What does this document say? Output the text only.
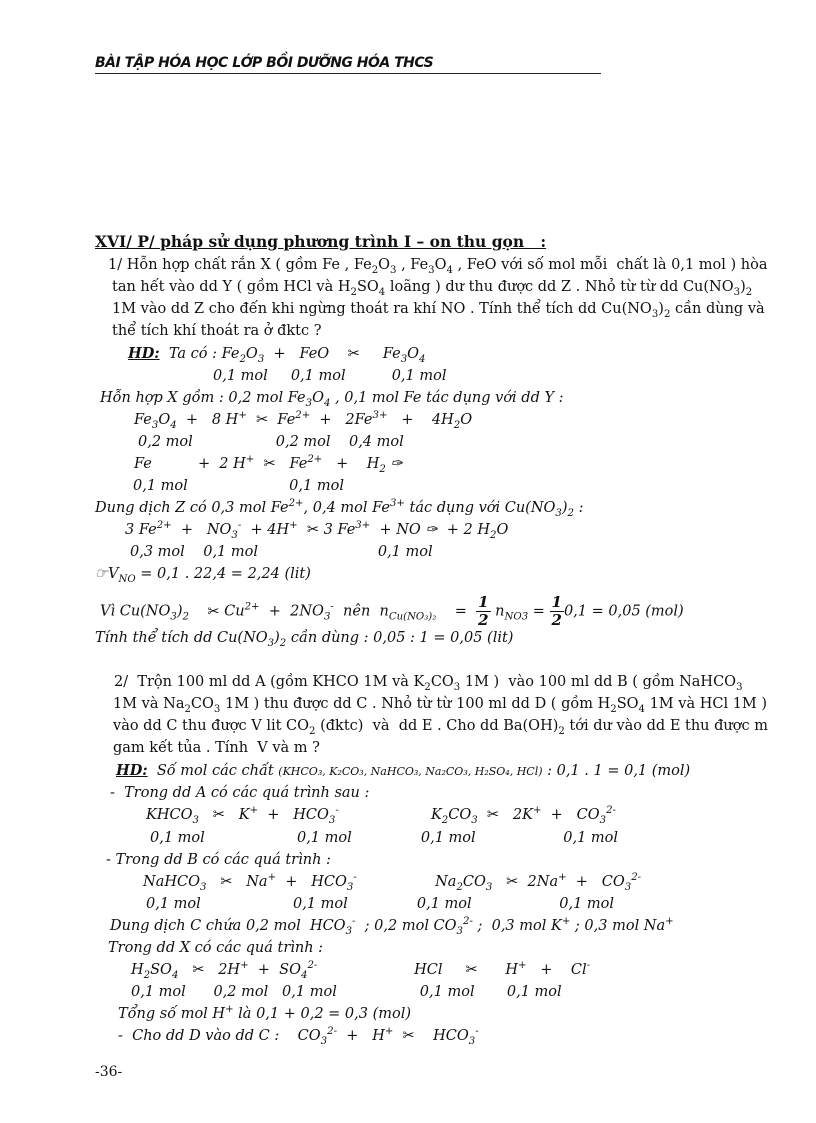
BÀI TẬP HÓA HỌC LỚP BỒI DƯỠNG HÓA THCS
XVI/ P/ pháp sử dụng phương trình I – on thu gọn   :
1/ Hỗn hợp chất rắn X ( gồm Fe , $Fe_2O_3$ , $Fe_3O_4$ , FeO với số mol mỗi  chất là 0,1 mol ) hòa
tan hết vào dd Y ( gồm HCl và $H_2SO_4$ loãng ) dư thu được dd Z . Nhỏ từ từ dd $Cu(NO_3)_2$
1M vào dd Z cho đến khi ngừng thoát ra khí NO . Tính thể tích dd $Cu(NO_3)_2$ cần dùng và
thể tích khí thoát ra ở đktc ?
HD: Ta có : $Fe_2O_3$  +   FeO    ✂     $Fe_3O_4$
0,1 mol     0,1 mol          0,1 mol
Hỗn hợp X gồm : 0,2 mol $Fe_3O_4$ , 0,1 mol Fe tác dụng với dd Y :
$Fe_3O_4 + 8$ H+ ✂  $Fe^{2+} + 2Fe^{3+}$   +    $4H_2O$
0,2 mol                  0,2 mol    0,4 mol
Fe          +  2 H+ ✂   $Fe^{2+}$   +    $H_2$ ✑
0,1 mol                      0,1 mol
Dung dịch Z có 0,3 mol $Fe^{2+}$, 0,4 mol $Fe^{3+}$ tác dụng với $Cu(NO_3)_2$ :
3 $Fe^{2+} + NO_3^- + 4H^+$ ✂ 3 $Fe^{3+}$  + NO ✑  + 2 $H_2O$
0,3 mol    0,1 mol                          0,1 mol
$☞V_{NO} = 0,1$ . 22,4 = 2,24 (lit)
Vì $Cu(NO_3)_2$ ✂ $Cu^{2+} + 2NO_3^-$ nên  $n_{Cu(NO_3)_2}$    = $\frac{1}{2} n_{NO3} = \frac{1}{2} 0,1 = 0,05$ (mol)
Tính thể tích dd $Cu(NO_3)_2$ cần dùng : 0,05 : 1 = 0,05 (lit)
2/  Trộn 100 ml dd A (gồm KHCO 1M và $K_2CO_3$ 1M )  vào 100 ml dd B ( gồm NaHCO$_3$
1M và $Na_2CO_3$ 1M ) thu được dd C . Nhỏ từ từ 100 ml dd D ( gồm $H_2SO_4$ 1M và HCl 1M )
vào dd C thu được V lit $CO_2$ (đktc)  và  dd E . Cho dd $Ba(OH)_2$ tới dư vào dd E thu được m
gam kết tủa . Tính  V và m ?
HD: Số mol các chất (KHCO₃, K₂CO₃, NaHCO₃, Na₂CO₃, H₂SO₄, HCl) : 0,1 . 1 = 0,1 (mol)
-  Trong dd A có các quá trình sau :
$KHCO_3$ ✂   $K^+ + HCO_3^-$                    $K_2CO_3$ ✂   $2K^+ + CO_3^{2-}$
0,1 mol                    0,1 mol               0,1 mol                   0,1 mol
- Trong dd B có các quá trình :
NaHCO$_3$ ✂   $Na^+ + HCO_3^-$                 $Na_2CO_3$ ✂  $2Na^+ + CO_3^{2-}$
0,1 mol                    0,1 mol               0,1 mol                   0,1 mol
Dung dịch C chứa 0,2 mol  $HCO_3^-$  ; 0,2 mol $CO_3^{2-}$ ;  0,3 mol K+ ; 0,3 mol Na+
Trong dd X có các quá trình :
$H_2SO_4$ ✂   $2H^+ + SO_4^{2-}$                     HCl     ✂      H+   +    Cl-
0,1 mol      0,2 mol   0,1 mol                  0,1 mol       0,1 mol
Tổng số mol H+ là 0,1 + 0,2 = 0,3 (mol)
-  Cho dd D vào dd C :    $CO_3^{2-} + H^+$ ✂    $HCO_3^-$
-36-
